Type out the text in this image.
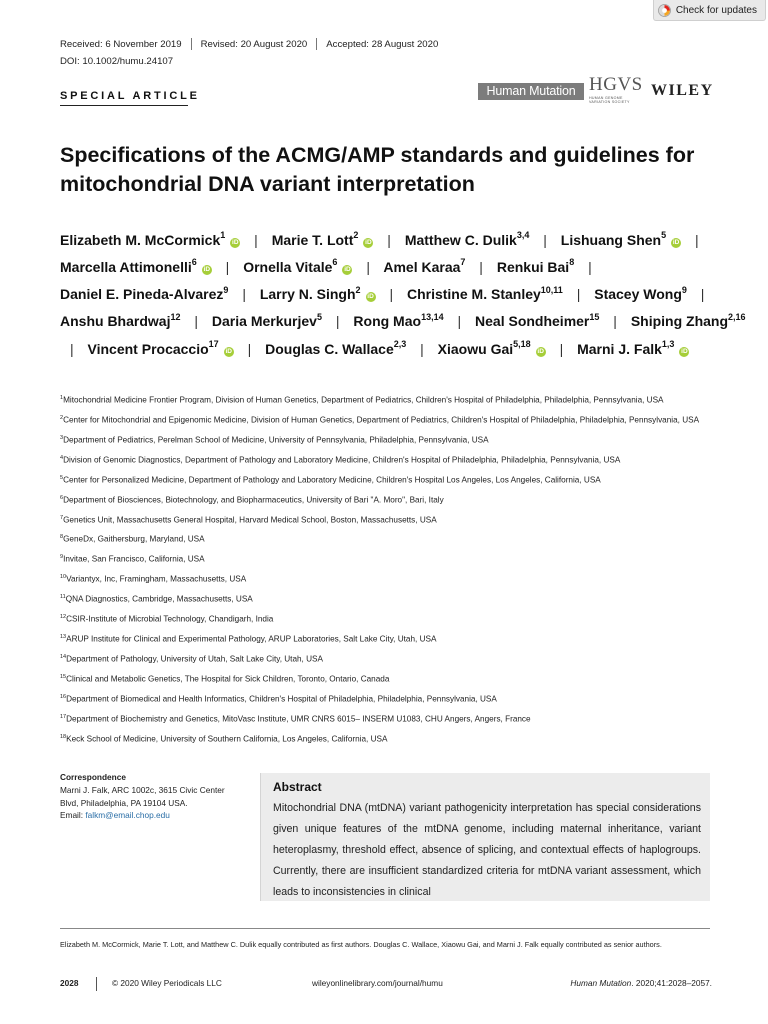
Check for updates
Received: 6 November 2019 Revised: 20 August 2020 Accepted: 28 August 2020
DOI: 10.1002/humu.24107
SPECIAL ARTICLE	Human Mutation HGVS
HUMAN GENOME VARIATION SOCIETY
WILEY
Specifications of the ACMG/AMP standards and guidelines for mitochondrial DNA variant interpretation
Elizabeth M. McCormick$^1$iD | Marie T. Lott$^2$iD | Matthew C. Dulik$^{3,4}$ | Lishuang Shen$^5$iD | Marcella Attimonelli$^6$iD | Ornella Vitale$^6$iD | Amel Karaa$^7$ | Renkui Bai$^8$ | Daniel E. Pineda-Alvarez$^9$ | Larry N. Singh$^2$iD | Christine M. Stanley$^{10,11}$ | Stacey Wong$^9$ | Anshu Bhardwaj$^{12}$ | Daria Merkurjev$^5$ | Rong Mao$^{13,14}$ | Neal Sondheimer$^{15}$ | Shiping Zhang$^{2,16}$ | Vincent Procaccio$^{17}$iD | Douglas C. Wallace$^{2,3}$ | Xiaowu Gai$^{5,18}$iD | Marni J. Falk$^{1,3}$iD
$^1$Mitochondrial Medicine Frontier Program, Division of Human Genetics, Department of Pediatrics, Children's Hospital of Philadelphia, Philadelphia, Pennsylvania, USA
$^2$Center for Mitochondrial and Epigenomic Medicine, Division of Human Genetics, Department of Pediatrics, Children's Hospital of Philadelphia, Philadelphia, Pennsylvania, USA
$^3$Department of Pediatrics, Perelman School of Medicine, University of Pennsylvania, Philadelphia, Pennsylvania, USA
$^4$Division of Genomic Diagnostics, Department of Pathology and Laboratory Medicine, Children's Hospital of Philadelphia, Philadelphia, Pennsylvania, USA
$^5$Center for Personalized Medicine, Department of Pathology and Laboratory Medicine, Children's Hospital Los Angeles, Los Angeles, California, USA
$^6$Department of Biosciences, Biotechnology, and Biopharmaceutics, University of Bari "A. Moro", Bari, Italy
$^7$Genetics Unit, Massachusetts General Hospital, Harvard Medical School, Boston, Massachusetts, USA
$^8$GeneDx, Gaithersburg, Maryland, USA
$^9$Invitae, San Francisco, California, USA
$^{10}$Variantyx, Inc, Framingham, Massachusetts, USA
$^{11}$QNA Diagnostics, Cambridge, Massachusetts, USA
$^{12}$CSIR-Institute of Microbial Technology, Chandigarh, India
$^{13}$ARUP Institute for Clinical and Experimental Pathology, ARUP Laboratories, Salt Lake City, Utah, USA
$^{14}$Department of Pathology, University of Utah, Salt Lake City, Utah, USA
$^{15}$Clinical and Metabolic Genetics, The Hospital for Sick Children, Toronto, Ontario, Canada
$^{16}$Department of Biomedical and Health Informatics, Children's Hospital of Philadelphia, Philadelphia, Pennsylvania, USA
$^{17}$Department of Biochemistry and Genetics, MitoVasc Institute, UMR CNRS 6015– INSERM U1083, CHU Angers, Angers, France
$^{18}$Keck School of Medicine, University of Southern California, Los Angeles, California, USA
Correspondence
Marni J. Falk, ARC 1002c, 3615 Civic Center
Blvd, Philadelphia, PA 19104 USA.
Email: falkm@email.chop.edu
Abstract
Mitochondrial DNA (mtDNA) variant pathogenicity interpretation has special considerations given unique features of the mtDNA genome, including maternal inheritance, variant heteroplasmy, threshold effect, absence of splicing, and contextual effects of haplogroups. Currently, there are insufficient standardized criteria for mtDNA variant assessment, which leads to inconsistencies in clinical
Elizabeth M. McCormick, Marie T. Lott, and Matthew C. Dulik equally contributed as first authors. Douglas C. Wallace, Xiaowu Gai, and Marni J. Falk equally contributed as senior authors.
2028	© 2020 Wiley Periodicals LLC	wileyonlinelibrary.com/journal/humu	Human Mutation. 2020;41:2028–2057.
